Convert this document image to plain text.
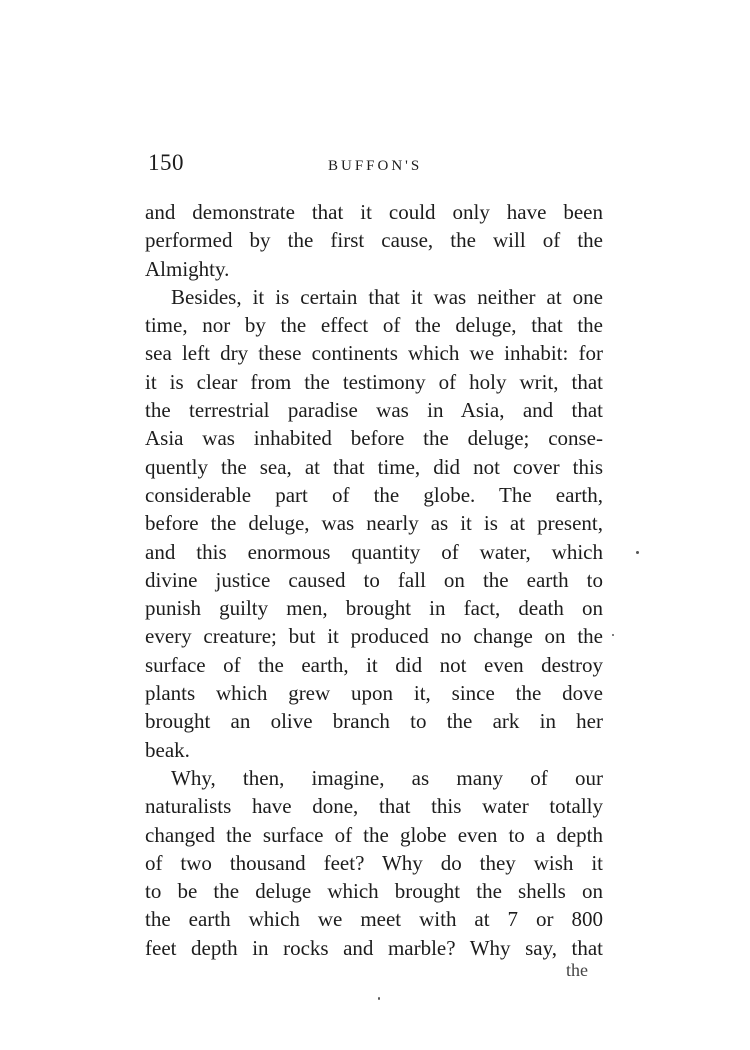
150	BUFFON'S
and demonstrate that it could only have been
performed by the first cause, the will of the
Almighty.
Besides, it is certain that it was neither at one
time, nor by the effect of the deluge, that the
sea left dry these continents which we inhabit: for
it is clear from the testimony of holy writ, that
the terrestrial paradise was in Asia, and that
Asia was inhabited before the deluge; conse-
quently the sea, at that time, did not cover this
considerable part of the globe. The earth,
before the deluge, was nearly as it is at present,
and this enormous quantity of water, which
divine justice caused to fall on the earth to
punish guilty men, brought in fact, death on
every creature; but it produced no change on the
surface of the earth, it did not even destroy
plants which grew upon it, since the dove
brought an olive branch to the ark in her
beak.
Why, then, imagine, as many of our
naturalists have done, that this water totally
changed the surface of the globe even to a depth
of two thousand feet? Why do they wish it
to be the deluge which brought the shells on
the earth which we meet with at 7 or 800
feet depth in rocks and marble? Why say, that
the
